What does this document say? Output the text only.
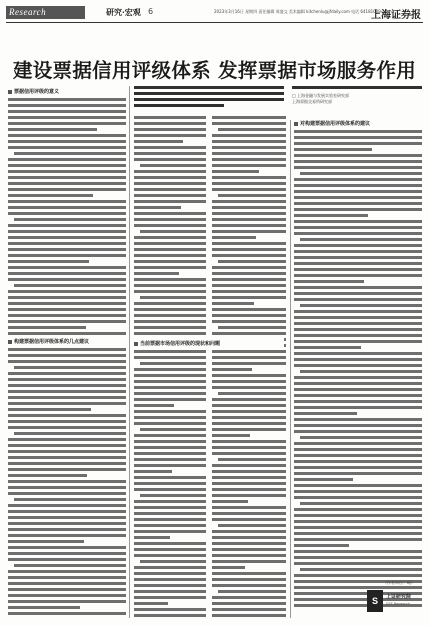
Research	研究·宏观 6	2023年3月16日 星期四 责任编辑 周盛文 美术编辑 kitchenlu@jfdaily.com 电话 64181009
上海证券报
建设票据信用评级体系 发挥票据市场服务作用
□ 上海金融与发展实验室研究部
上海票据交易所研究部
票据信用评级的意义
构建票据信用评级体系的几点建议
对构建票据信用评级体系的建议
当前票据市场信用评级的现状和问题
（作者单位：略）
S	上证研究院
SSE Research
